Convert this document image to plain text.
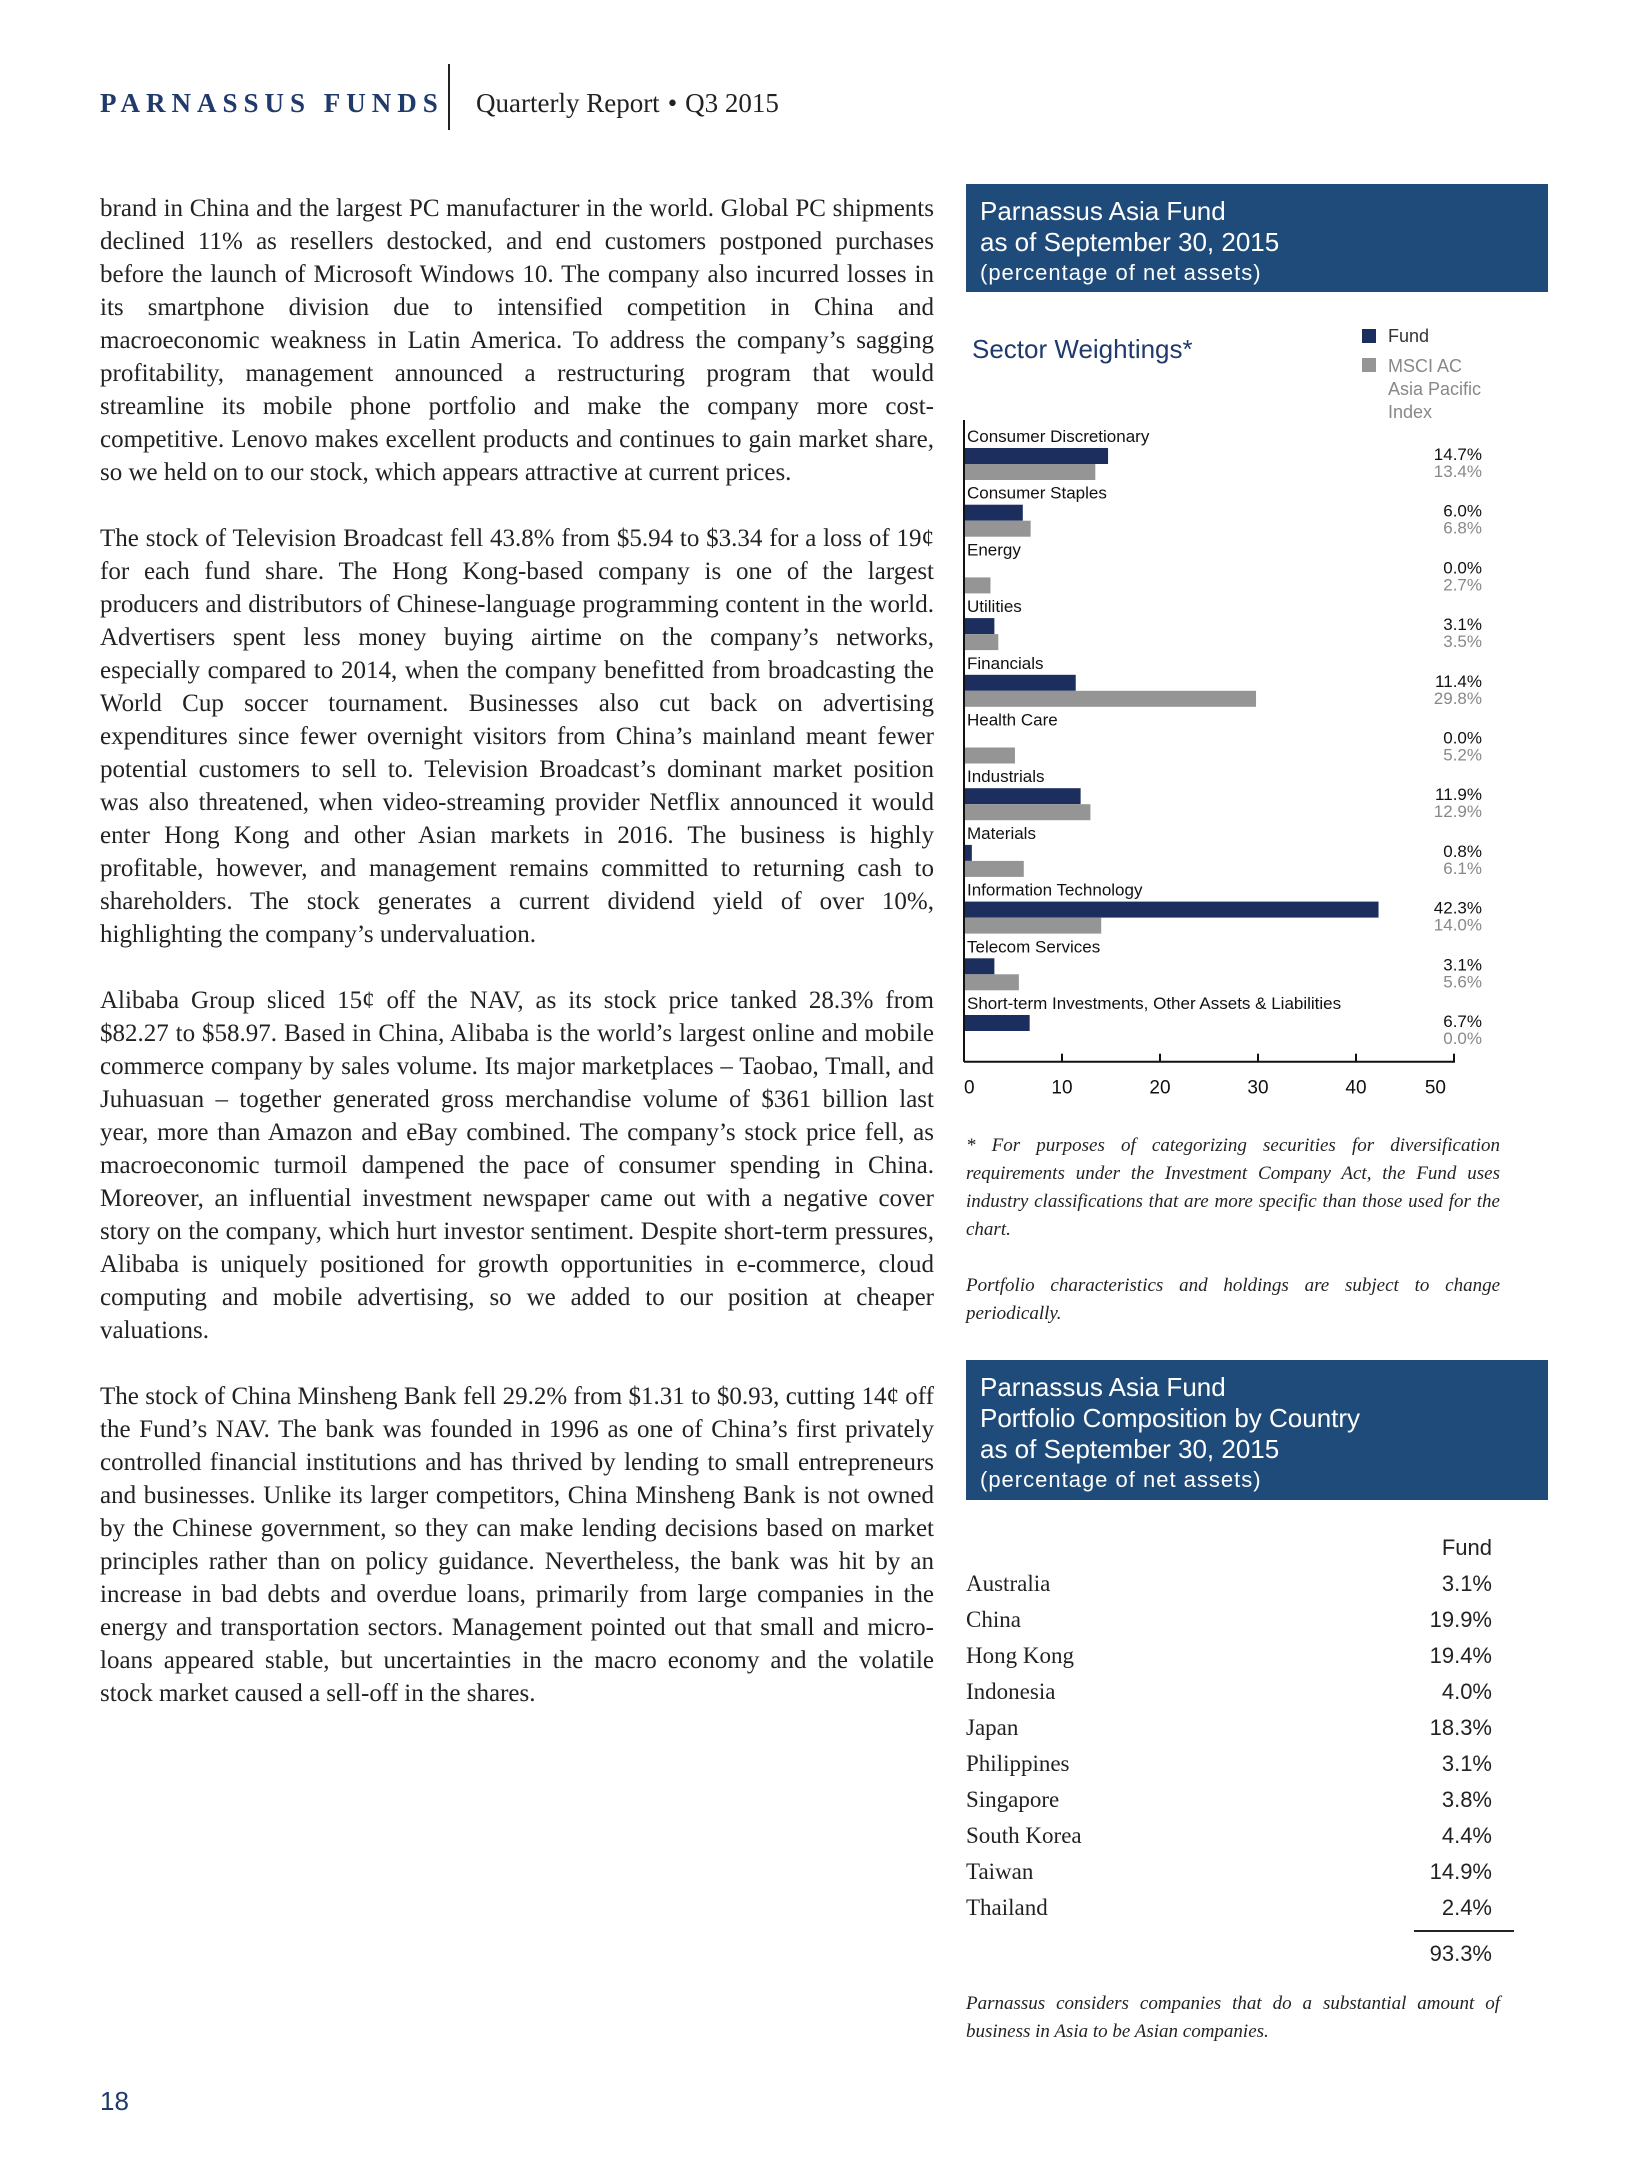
PARNASSUS FUNDS Quarterly Report • Q3 2015

brand in China and the largest PC manufacturer in the world. Global PC shipments declined 11% as resellers destocked, and end customers postponed purchases before the launch of Microsoft Windows 10. The company also incurred losses in its smartphone division due to intensified competition in China and macroeconomic weakness in Latin America. To address the company’s sagging profitability, management announced a restructuring program that would streamline its mobile phone portfolio and make the company more cost-competitive. Lenovo makes excellent products and continues to gain market share, so we held on to our stock, which appears attractive at current prices.

The stock of Television Broadcast fell 43.8% from $5.94 to $3.34 for a loss of 19¢ for each fund share. The Hong Kong-based company is one of the largest producers and distributors of Chinese-language programming content in the world. Advertisers spent less money buying airtime on the company’s networks, especially compared to 2014, when the company benefitted from broadcasting the World Cup soccer tournament. Businesses also cut back on advertising expenditures since fewer overnight visitors from China’s mainland meant fewer potential customers to sell to. Television Broadcast’s dominant market position was also threatened, when video-streaming provider Netflix announced it would enter Hong Kong and other Asian markets in 2016. The business is highly profitable, however, and management remains committed to returning cash to shareholders. The stock generates a current dividend yield of over 10%, highlighting the company’s undervaluation.

Alibaba Group sliced 15¢ off the NAV, as its stock price tanked 28.3% from $82.27 to $58.97. Based in China, Alibaba is the world’s largest online and mobile commerce company by sales volume. Its major marketplaces – Taobao, Tmall, and Juhuasuan – together generated gross merchandise volume of $361 billion last year, more than Amazon and eBay combined. The company’s stock price fell, as macroeconomic turmoil dampened the pace of consumer spending in China. Moreover, an influential investment newspaper came out with a negative cover story on the company, which hurt investor sentiment. Despite short-term pressures, Alibaba is uniquely positioned for growth opportunities in e-commerce, cloud computing and mobile advertising, so we added to our position at cheaper valuations.

The stock of China Minsheng Bank fell 29.2% from $1.31 to $0.93, cutting 14¢ off the Fund’s NAV. The bank was founded in 1996 as one of China’s first privately controlled financial institutions and has thrived by lending to small entrepreneurs and businesses. Unlike its larger competitors, China Minsheng Bank is not owned by the Chinese government, so they can make lending decisions based on market principles rather than on policy guidance. Nevertheless, the bank was hit by an increase in bad debts and overdue loans, primarily from large companies in the energy and transportation sectors. Management pointed out that small and micro-loans appeared stable, but uncertainties in the macro economy and the volatile stock market caused a sell-off in the shares.

18
Parnassus Asia Fund
as of September 30, 2015
(percentage of net assets)
Sector Weightings*	Fund
MSCI AC Asia Pacific Index
Consumer Discretionary
14.7%
13.4%
Consumer Staples
6.0%
6.8%
Energy
0.0%
2.7%
Utilities
3.1%
3.5%
Financials
11.4%
29.8%
Health Care
0.0%
5.2%
Industrials
11.9%
12.9%
Materials
0.8%
6.1%
Information Technology
42.3%
14.0%
Telecom Services
3.1%
5.6%
Short-term Investments, Other Assets & Liabilities
6.7%
0.0%
0	10	20	30	40	50
* For purposes of categorizing securities for diversification requirements under the Investment Company Act, the Fund uses industry classifications that are more specific than those used for the chart.
Portfolio characteristics and holdings are subject to change periodically.
Parnassus Asia Fund
Portfolio Composition by Country
as of September 30, 2015
(percentage of net assets)
Fund
Australia	3.1%
China	19.9%
Hong Kong	19.4%
Indonesia	4.0%
Japan	18.3%
Philippines	3.1%
Singapore	3.8%
South Korea	4.4%
Taiwan	14.9%
Thailand	2.4%
93.3%
Parnassus considers companies that do a substantial amount of business in Asia to be Asian companies.
